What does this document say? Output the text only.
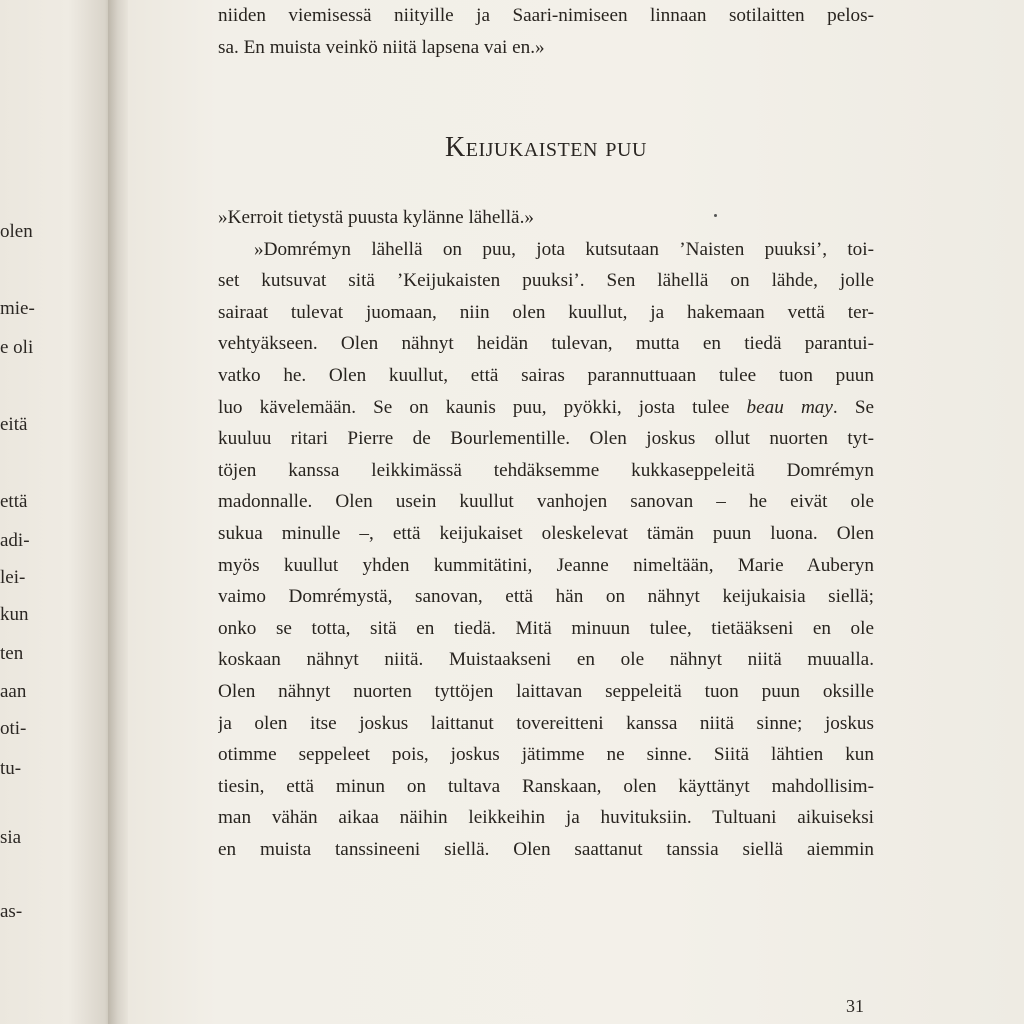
olen
mie-
e oli
eitä
että
adi-
lei-
kun
ten
aan
oti-
tu-
sia
as-
niiden viemisessä niityille ja Saari-nimiseen linnaan sotilaitten pelos-
sa. En muista veinkö niitä lapsena vai en.»
Keijukaisten puu
»Kerroit tietystä puusta kylänne lähellä.»
»Domrémyn lähellä on puu, jota kutsutaan ’Naisten puuksi’, toi-
set kutsuvat sitä ’Keijukaisten puuksi’. Sen lähellä on lähde, jolle
sairaat tulevat juomaan, niin olen kuullut, ja hakemaan vettä ter-
vehtyäkseen. Olen nähnyt heidän tulevan, mutta en tiedä parantui-
vatko he. Olen kuullut, että sairas parannuttuaan tulee tuon puun
luo kävelemään. Se on kaunis puu, pyökki, josta tulee beau may. Se
kuuluu ritari Pierre de Bourlementille. Olen joskus ollut nuorten tyt-
töjen kanssa leikkimässä tehdäksemme kukkaseppeleitä Domrémyn
madonnalle. Olen usein kuullut vanhojen sanovan – he eivät ole
sukua minulle –, että keijukaiset oleskelevat tämän puun luona. Olen
myös kuullut yhden kummitätini, Jeanne nimeltään, Marie Auberyn
vaimo Domrémystä, sanovan, että hän on nähnyt keijukaisia siellä;
onko se totta, sitä en tiedä. Mitä minuun tulee, tietääkseni en ole
koskaan nähnyt niitä. Muistaakseni en ole nähnyt niitä muualla.
Olen nähnyt nuorten tyttöjen laittavan seppeleitä tuon puun oksille
ja olen itse joskus laittanut tovereitteni kanssa niitä sinne; joskus
otimme seppeleet pois, joskus jätimme ne sinne. Siitä lähtien kun
tiesin, että minun on tultava Ranskaan, olen käyttänyt mahdollisim-
man vähän aikaa näihin leikkeihin ja huvituksiin. Tultuani aikuiseksi
en muista tanssineeni siellä. Olen saattanut tanssia siellä aiemmin
31
